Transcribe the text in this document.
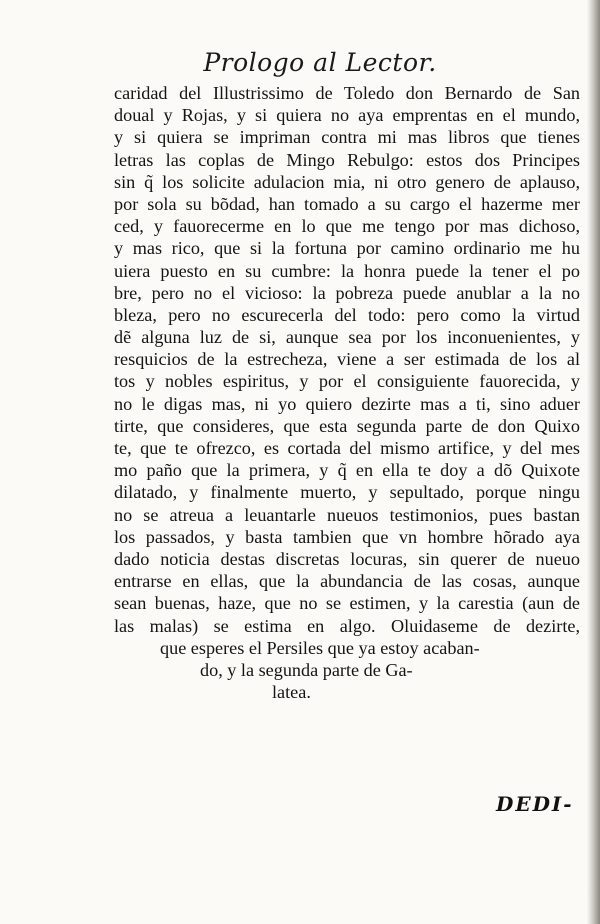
Prologo al Lector.
caridad del Illustrissimo de Toledo don Bernardo de San
doual y Rojas, y si quiera no aya emprentas en el mundo,
y si quiera se impriman contra mi mas libros que tienes
letras las coplas de Mingo Rebulgo: estos dos Principes
sin q̃ los solicite adulacion mia, ni otro genero de aplauso,
por sola su bõdad, han tomado a su cargo el hazerme mer
ced, y fauorecerme en lo que me tengo por mas dichoso,
y mas rico, que si la fortuna por camino ordinario me hu
uiera puesto en su cumbre: la honra puede la tener el po
bre, pero no el vicioso: la pobreza puede anublar a la no
bleza, pero no escurecerla del todo: pero como la virtud
dẽ alguna luz de si, aunque sea por los inconuenientes, y
resquicios de la estrecheza, viene a ser estimada de los al
tos y nobles espiritus, y por el consiguiente fauorecida, y
no le digas mas, ni yo quiero dezirte mas a ti, sino aduer
tirte, que consideres, que esta segunda parte de don Quixo
te, que te ofrezco, es cortada del mismo artifice, y del mes
mo paño que la primera, y q̃ en ella te doy a dõ Quixote
dilatado, y finalmente muerto, y sepultado, porque ningu
no se atreua a leuantarle nueuos testimonios, pues bastan
los passados, y basta tambien que vn hombre hõrado aya
dado noticia destas discretas locuras, sin querer de nueuo
entrarse en ellas, que la abundancia de las cosas, aunque
sean buenas, haze, que no se estimen, y la carestia (aun de
las malas) se estima en algo. Oluidaseme de dezirte,
que esperes el Persiles que ya estoy acaban-
do, y la segunda parte de Ga-
latea.
DEDI-
